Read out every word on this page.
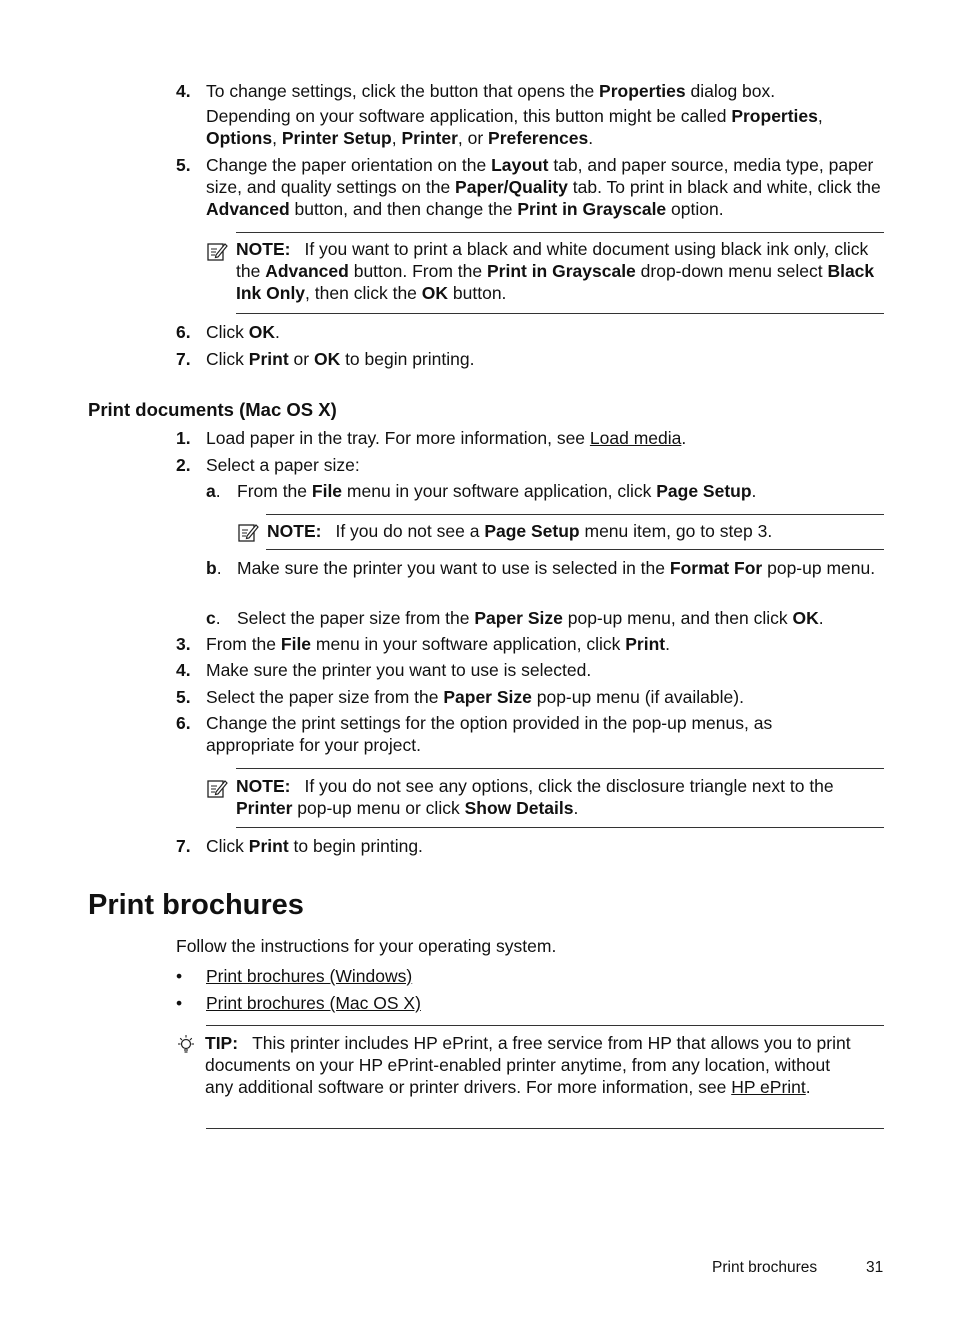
4. To change settings, click the button that opens the Properties dialog box.
Depending on your software application, this button might be called Properties, Options, Printer Setup, Printer, or Preferences.
5. Change the paper orientation on the Layout tab, and paper source, media type, paper size, and quality settings on the Paper/Quality tab. To print in black and white, click the Advanced button, and then change the Print in Grayscale option.
NOTE: If you want to print a black and white document using black ink only, click the Advanced button. From the Print in Grayscale drop-down menu select Black Ink Only, then click the OK button.
6. Click OK.
7. Click Print or OK to begin printing.
Print documents (Mac OS X)
1. Load paper in the tray. For more information, see Load media.
2. Select a paper size:
a. From the File menu in your software application, click Page Setup.
NOTE: If you do not see a Page Setup menu item, go to step 3.
b. Make sure the printer you want to use is selected in the Format For pop-up menu.
c. Select the paper size from the Paper Size pop-up menu, and then click OK.
3. From the File menu in your software application, click Print.
4. Make sure the printer you want to use is selected.
5. Select the paper size from the Paper Size pop-up menu (if available).
6. Change the print settings for the option provided in the pop-up menus, as appropriate for your project.
NOTE: If you do not see any options, click the disclosure triangle next to the Printer pop-up menu or click Show Details.
7. Click Print to begin printing.
Print brochures
Follow the instructions for your operating system.
• Print brochures (Windows)
• Print brochures (Mac OS X)
TIP: This printer includes HP ePrint, a free service from HP that allows you to print documents on your HP ePrint-enabled printer anytime, from any location, without any additional software or printer drivers. For more information, see HP ePrint.
Print brochures	31
